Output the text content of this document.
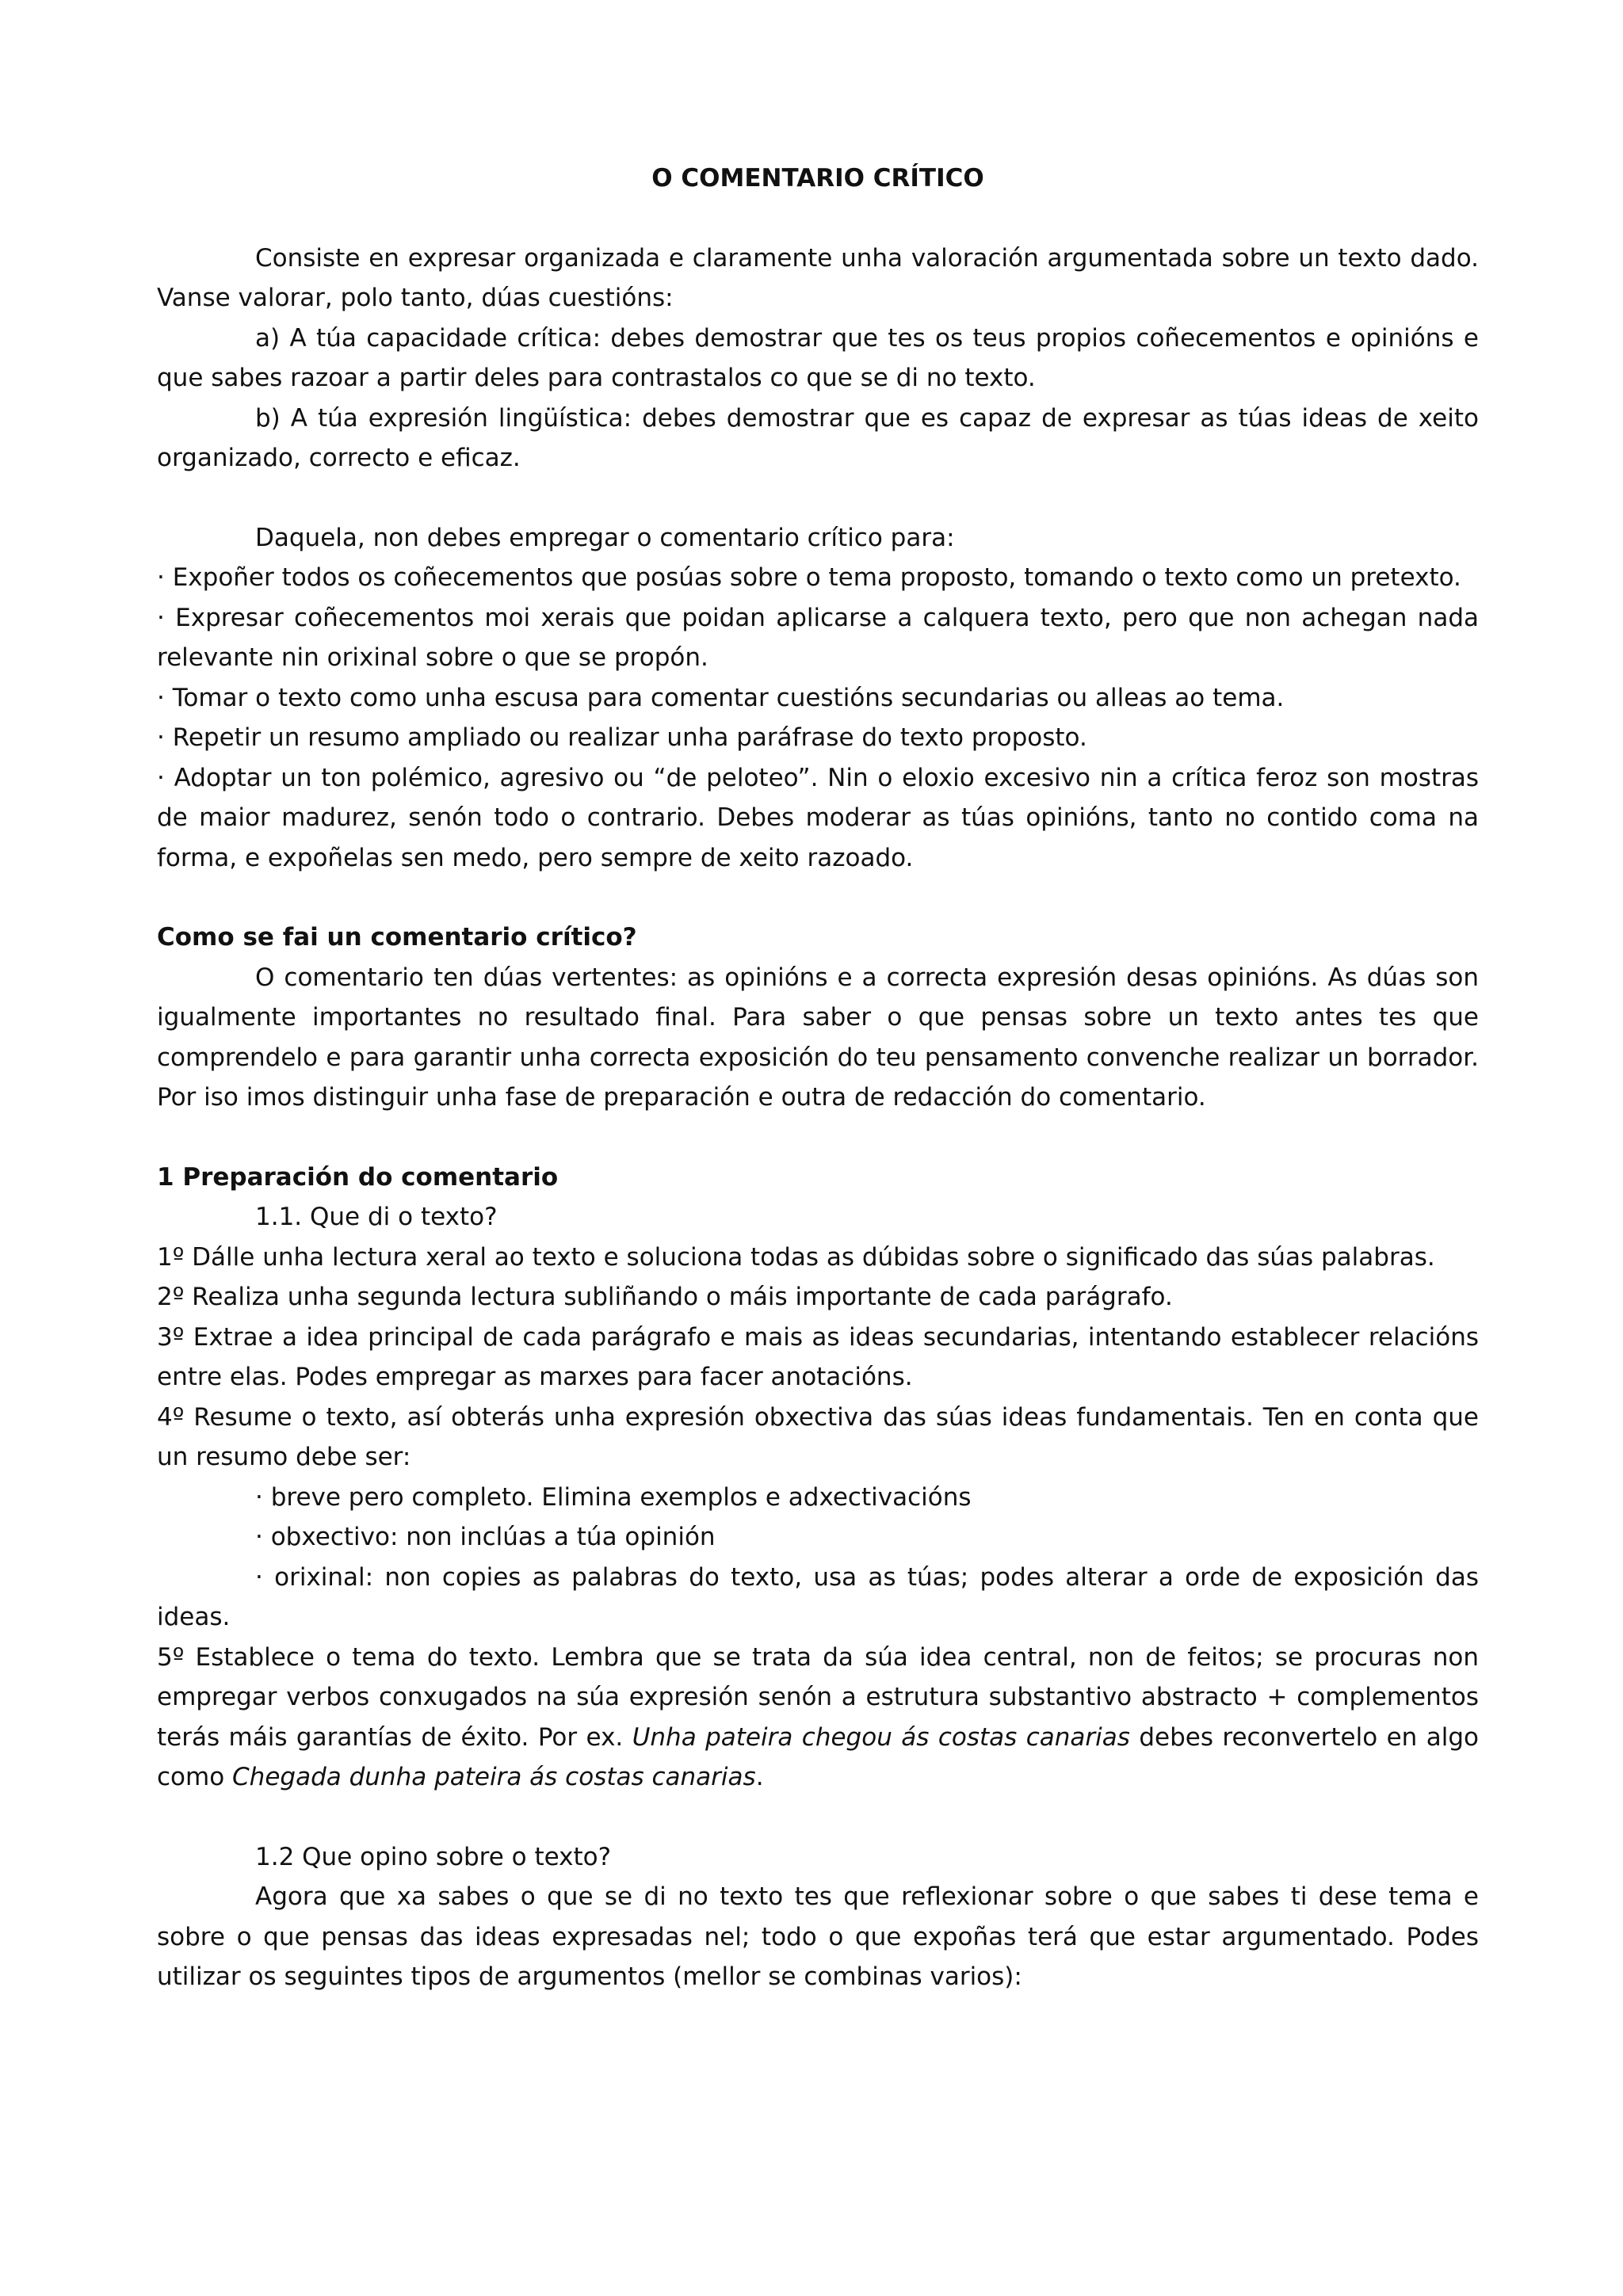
O COMENTARIO CRÍTICO

Consiste en expresar organizada e claramente unha valoración argumentada sobre un texto dado. Vanse valorar, polo tanto, dúas cuestións:

a) A túa capacidade crítica: debes demostrar que tes os teus propios coñecementos e opinións e que sabes razoar a partir deles para contrastalos co que se di no texto.

b) A túa expresión lingüística: debes demostrar que es capaz de expresar as túas ideas de xeito organizado, correcto e eficaz.

Daquela, non debes empregar o comentario crítico para:

· Expoñer todos os coñecementos que posúas sobre o tema proposto, tomando o texto como un pretexto.

· Expresar coñecementos moi xerais que poidan aplicarse a calquera texto, pero que non achegan nada relevante nin orixinal sobre o que se propón.

· Tomar o texto como unha escusa para comentar cuestións secundarias ou alleas ao tema.

· Repetir un resumo ampliado ou realizar unha paráfrase do texto proposto.

· Adoptar un ton polémico, agresivo ou “de peloteo”. Nin o eloxio excesivo nin a crítica feroz son mostras de maior madurez, senón todo o contrario. Debes moderar as túas opinións, tanto no contido coma na forma, e expoñelas sen medo, pero sempre de xeito razoado.

Como se fai un comentario crítico?

O comentario ten dúas vertentes: as opinións e a correcta expresión desas opinións. As dúas son igualmente importantes no resultado final. Para saber o que pensas sobre un texto antes tes que comprendelo e para garantir unha correcta exposición do teu pensamento convenche realizar un borrador. Por iso imos distinguir unha fase de preparación e outra de redacción do comentario.

1 Preparación do comentario

1.1. Que di o texto?

1º Dálle unha lectura xeral ao texto e soluciona todas as dúbidas sobre o significado das súas palabras.

2º Realiza unha segunda lectura subliñando o máis importante de cada parágrafo.

3º Extrae a idea principal de cada parágrafo e mais as ideas secundarias, intentando establecer relacións entre elas. Podes empregar as marxes para facer anotacións.

4º Resume o texto, así obterás unha expresión obxectiva das súas ideas fundamentais. Ten en conta que un resumo debe ser:

· breve pero completo. Elimina exemplos e adxectivacións

· obxectivo: non inclúas a túa opinión

· orixinal: non copies as palabras do texto, usa as túas; podes alterar a orde de exposición das ideas.

5º Establece o tema do texto. Lembra que se trata da súa idea central, non de feitos; se procuras non empregar verbos conxugados na súa expresión senón a estrutura substantivo abstracto + complementos terás máis garantías de éxito. Por ex. Unha pateira chegou ás costas canarias debes reconvertelo en algo como Chegada dunha pateira ás costas canarias.

1.2 Que opino sobre o texto?

Agora que xa sabes o que se di no texto tes que reflexionar sobre o que sabes ti dese tema e sobre o que pensas das ideas expresadas nel; todo o que expoñas terá que estar argumentado. Podes utilizar os seguintes tipos de argumentos (mellor se combinas varios):
